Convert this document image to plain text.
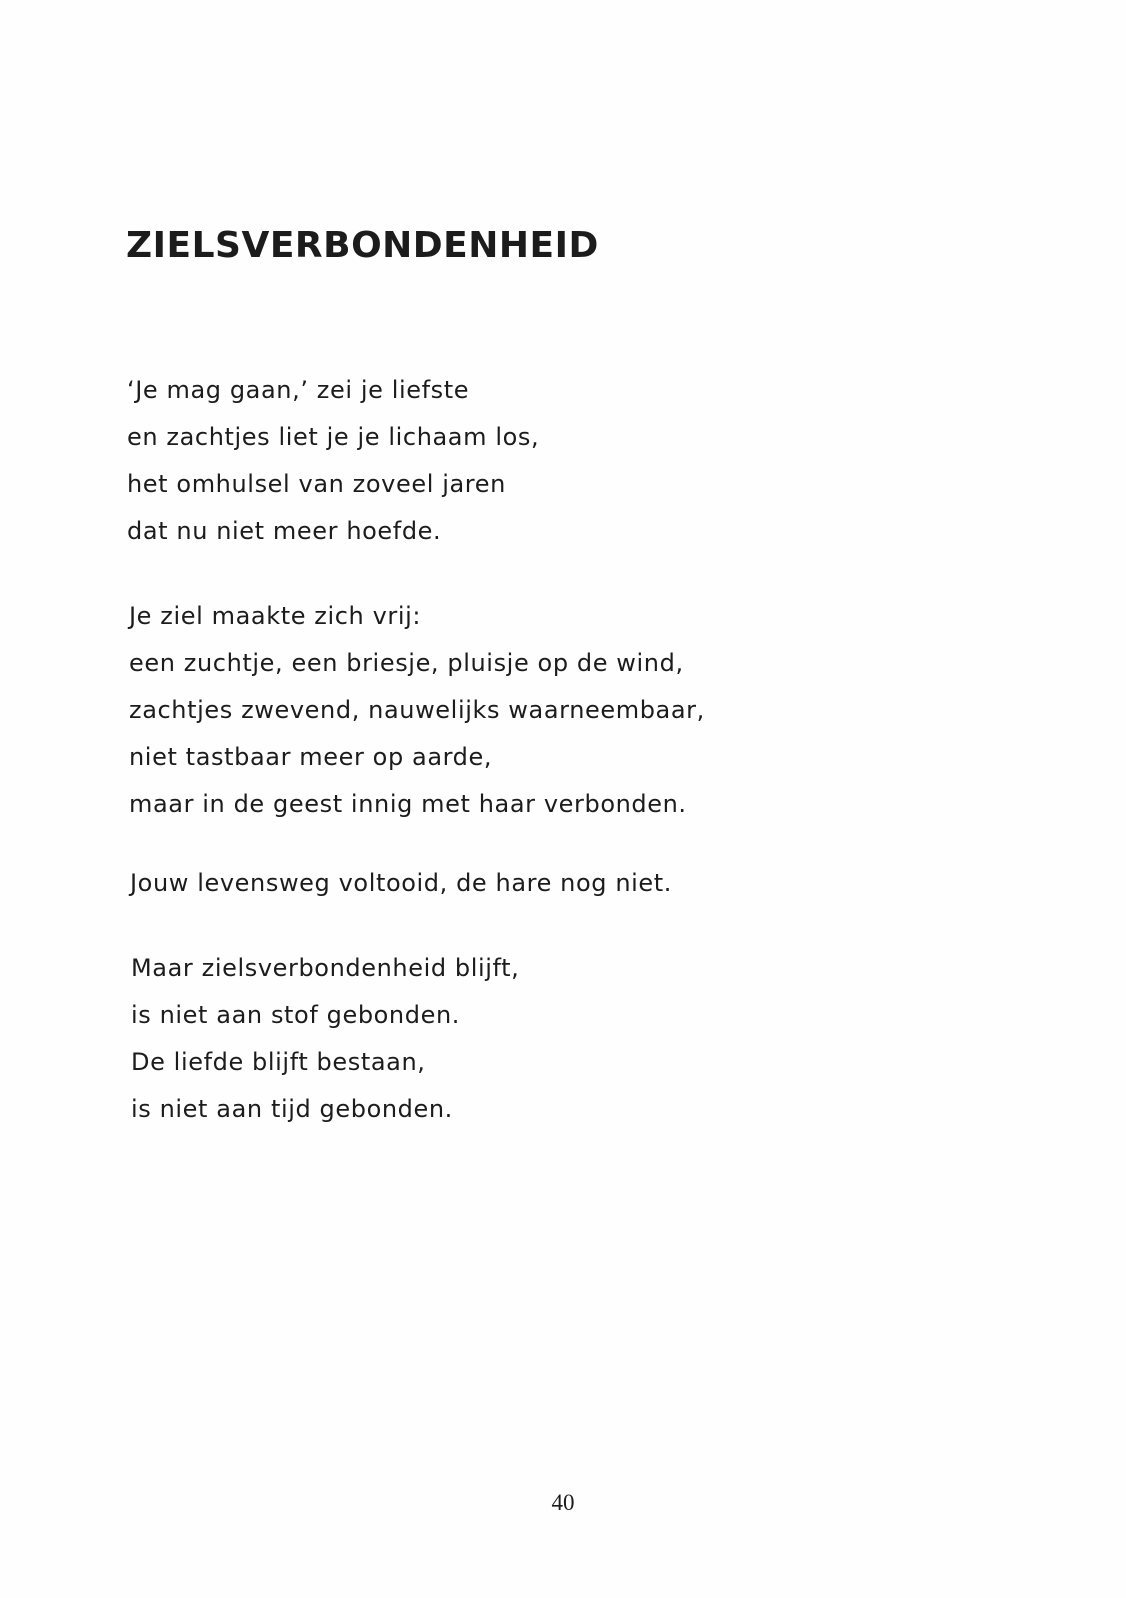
ZIELSVERBONDENHEID
‘Je mag gaan,’ zei je liefste
en zachtjes liet je je lichaam los,
het omhulsel van zoveel jaren
dat nu niet meer hoefde.
Je ziel maakte zich vrij:
een zuchtje, een briesje, pluisje op de wind,
zachtjes zwevend, nauwelijks waarneembaar,
niet tastbaar meer op aarde,
maar in de geest innig met haar verbonden.
Jouw levensweg voltooid, de hare nog niet.
Maar zielsverbondenheid blijft,
is niet aan stof gebonden.
De liefde blijft bestaan,
is niet aan tijd gebonden.
40
